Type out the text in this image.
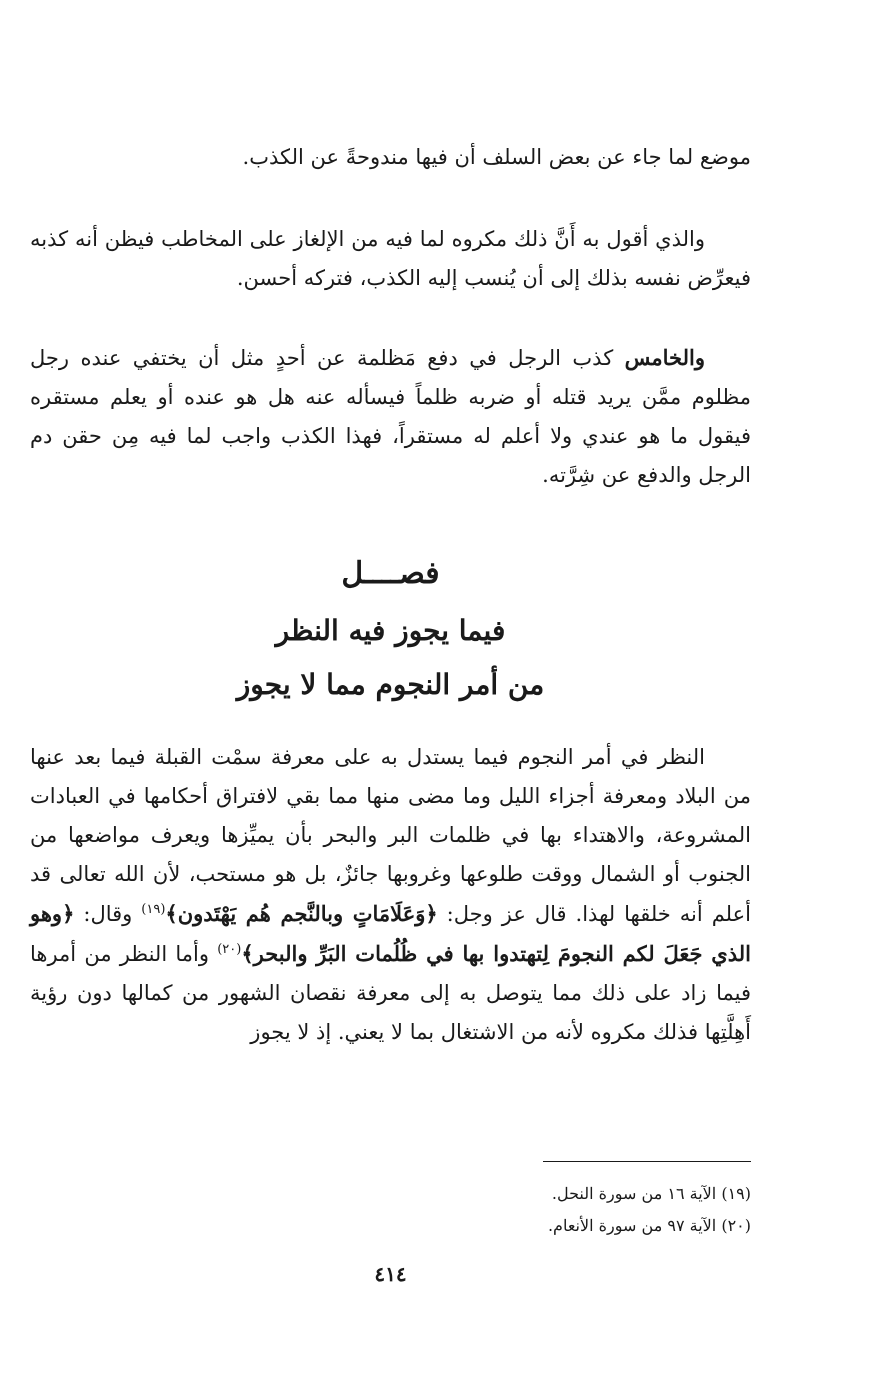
موضع لما جاء عن بعض السلف أن فيها مندوحةً عن الكذب.

والذي أقول به أَنَّ ذلك مكروه لما فيه من الإلغاز على المخاطب فيظن أنه كذبه فيعرِّض نفسه بذلك إلى أن يُنسب إليه الكذب، فتركه أحسن.

والخامس كذب الرجل في دفع مَظلمة عن أحدٍ مثل أن يختفي عنده رجل مظلوم ممَّن يريد قتله أو ضربه ظلماً فيسأله عنه هل هو عنده أو يعلم مستقره فيقول ما هو عندي ولا أعلم له مستقراً، فهذا الكذب واجب لما فيه مِن حقن دم الرجل والدفع عن شِرَّته.

فصــــل
فيما يجوز فيه النظر
من أمر النجوم مما لا يجوز

النظر في أمر النجوم فيما يستدل به على معرفة سمْت القبلة فيما بعد عنها من البلاد ومعرفة أجزاء الليل وما مضى منها مما بقي لافتراق أحكامها في العبادات المشروعة، والاهتداء بها في ظلمات البر والبحر بأن يميِّزها ويعرف مواضعها من الجنوب أو الشمال ووقت طلوعها وغروبها جائزٌ، بل هو مستحب، لأن الله تعالى قد أعلم أنه خلقها لهذا. قال عز وجل: ﴿وَعَلَامَاتٍ وبالنَّجم هُم يَهْتَدون﴾$^{(١٩)}$ وقال: ﴿وهو الذي جَعَلَ لكم النجومَ لِتهتدوا بها في ظُلُمات البَرِّ والبحر﴾$^{(٢٠)}$ وأما النظر من أمرها فيما زاد على ذلك مما يتوصل به إلى معرفة نقصان الشهور من كمالها دون رؤية أَهِلَّتِها فذلك مكروه لأنه من الاشتغال بما لا يعني. إذ لا يجوز

(١٩) الآية ١٦ من سورة النحل.

(٢٠) الآية ٩٧ من سورة الأنعام.

٤١٤
